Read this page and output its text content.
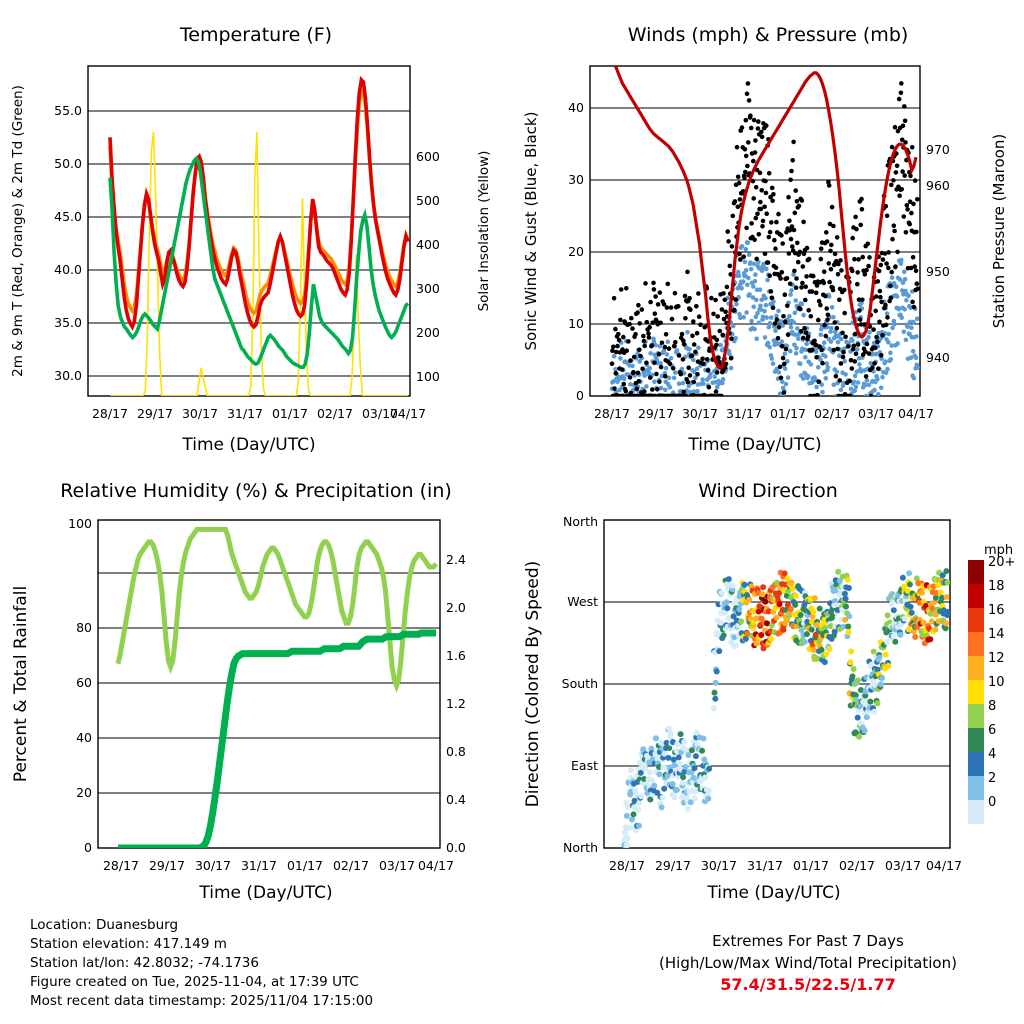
Temperature (F)
30.0
35.0
40.0
45.0
50.0
55.0
100
200
300
400
500
600
28/17 29/17 30/17 31/17 01/17 02/17 03/17
04/17
Time (Day/UTC)
2m & 9m T (Red, Orange) & 2m Td (Green)	Solar Insolation (Yellow)
Winds (mph) & Pressure (mb)
0
10
20
30
40
940
950
960
970
28/17 29/17 30/17 31/17 01/17 02/17 03/17 04/17
Time (Day/UTC)
Sonic Wind & Gust (Blue, Black)	Station Pressure (Maroon)
Relative Humidity (%) & Precipitation (in)
0
20
40
60
80
100
0.0
0.4
0.8
1.2
1.6
2.0
2.4
28/17 29/17 30/17 31/17 01/17 02/17 03/17 04/17
Time (Day/UTC)
Percent & Total Rainfall
Wind Direction
North
East
South
West
North
28/17 29/17 30/17 31/17 01/17 02/17 03/17 04/17
Time (Day/UTC)
Direction (Colored By Speed)
mph
20+
18
16
14
12
10
8
6
4
2
0
Location: Duanesburg
Station elevation: 417.149 m
Station lat/lon: 42.8032; -74.1736
Figure created on Tue, 2025-11-04, at 17:39 UTC
Most recent data timestamp: 2025/11/04 17:15:00
Extremes For Past 7 Days
(High/Low/Max Wind/Total Precipitation)
57.4/31.5/22.5/1.77
